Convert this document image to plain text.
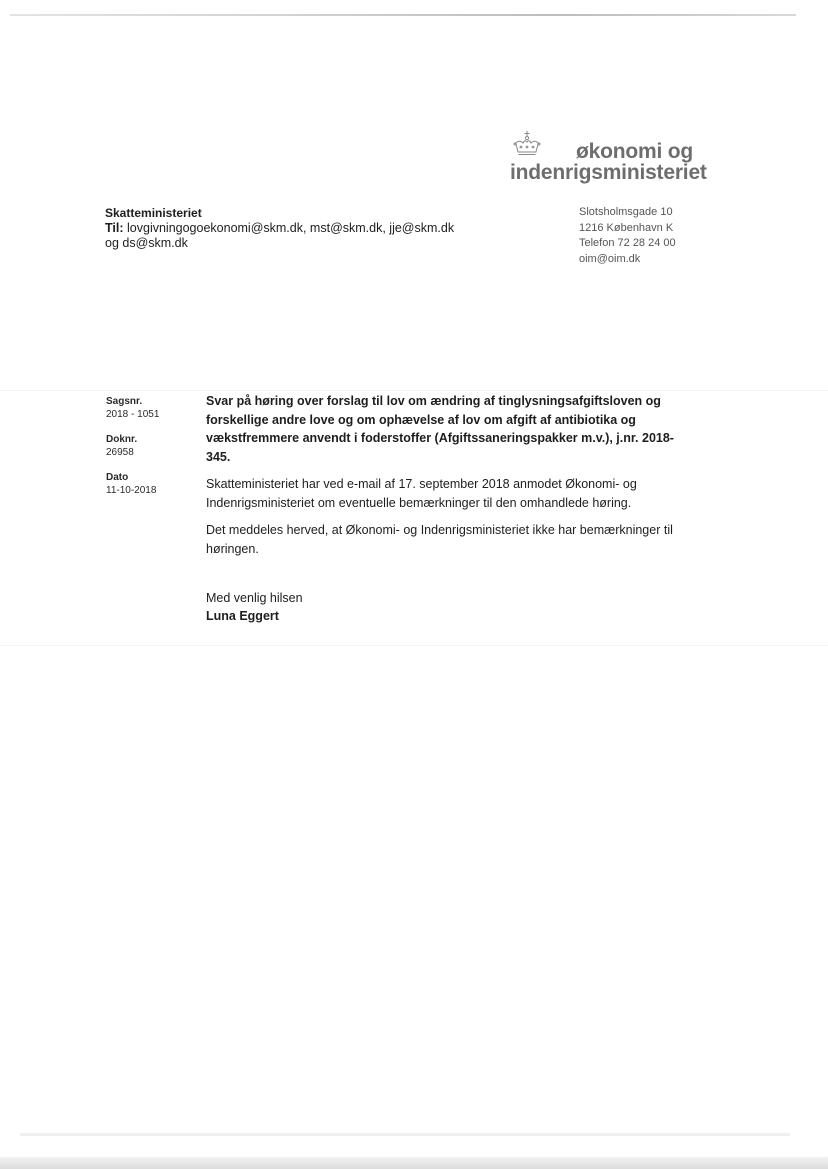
økonomi og
indenrigsministeriet
Skatteministeriet
Til: lovgivningogoekonomi@skm.dk, mst@skm.dk, jje@skm.dk
og ds@skm.dk
Slotsholmsgade 10
1216 København K
Telefon 72 28 24 00
oim@oim.dk
Sagsnr.
2018 - 1051
Doknr.
26958
Dato
11-10-2018

Svar på høring over forslag til lov om ændring af tinglysningsafgiftsloven og forskellige andre love og om ophævelse af lov om afgift af antibiotika og vækstfremmere anvendt i foderstoffer (Afgiftssaneringspakker m.v.), j.nr. 2018-345.

Skatteministeriet har ved e-mail af 17. september 2018 anmodet Økonomi- og Indenrigsministeriet om eventuelle bemærkninger til den omhandlede høring.

Det meddeles herved, at Økonomi- og Indenrigsministeriet ikke har bemærkninger til høringen.

Med venlig hilsen
Luna Eggert
